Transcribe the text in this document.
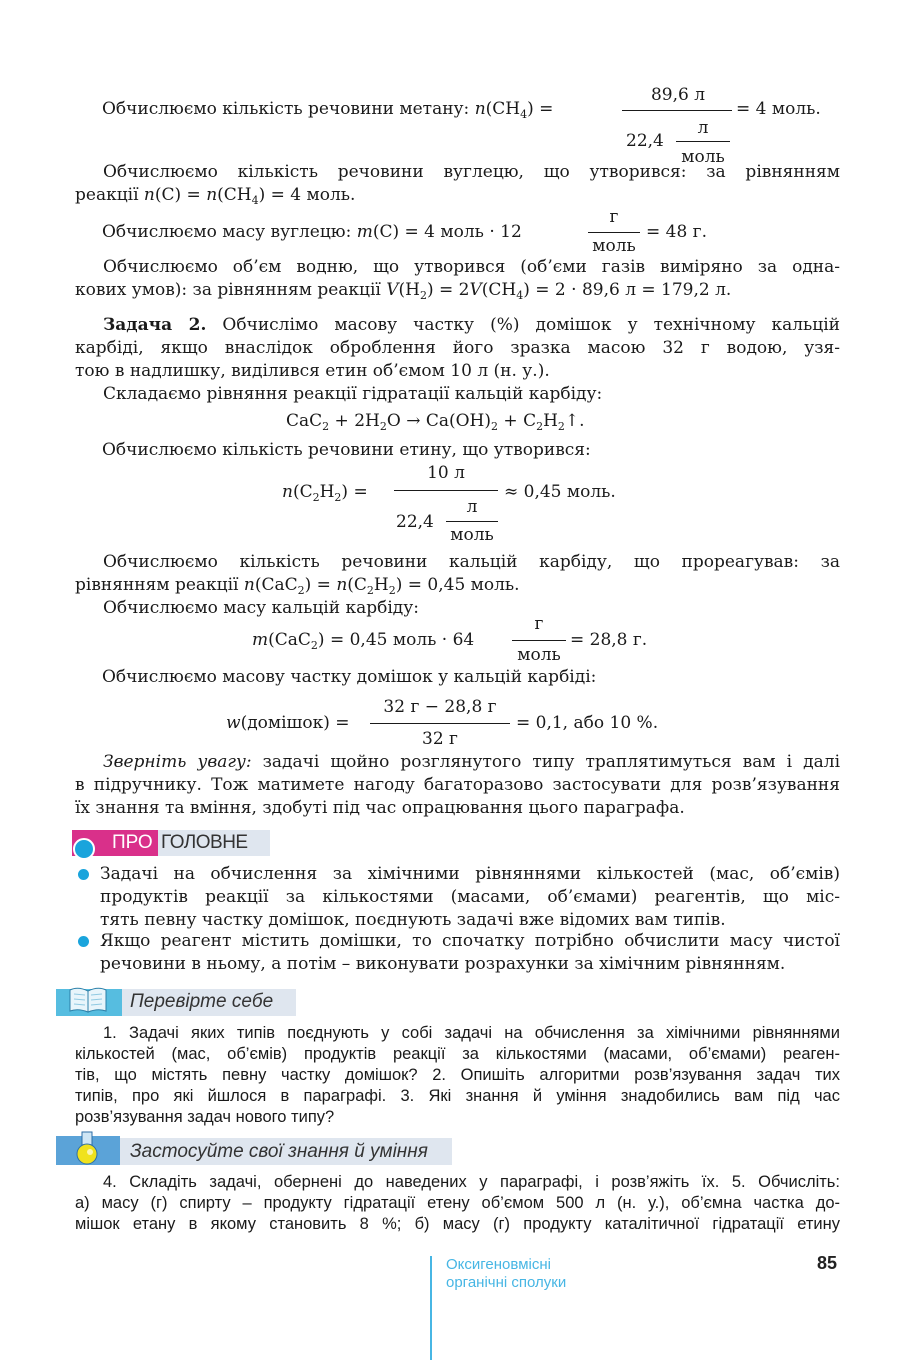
Обчислюємо кількість речовини метану: $n(CH_4)$ =
89,6 л
22,4
л
моль
= 4 моль.
Обчислюємо кількість речовини вуглецю, що утворився: за рівнянням
реакції $n(C) = n(CH_4) = 4$ моль.
Обчислюємо масу вуглецю: m(C) = 4 моль · 12
г
моль
= 48 г.
Обчислюємо об’єм водню, що утворився (об’єми газів виміряно за одна-
кових умов): за рівнянням реакції $V(H_2) = 2V(CH_4) = 2 \cdot 89,6$ л = 179,2 л.
Задача 2. Обчислімо масову частку (%) домішок у технічному кальцій
карбіді, якщо внаслідок оброблення його зразка масою 32 г водою, узя-
тою в надлишку, виділився етин об’ємом 10 л (н. у.).
Складаємо рівняння реакції гідратації кальцій карбіду:
$CaC_2 + 2H_2O \to Ca(OH)_2$ + $C_2H_2↑$.
Обчислюємо кількість речовини етину, що утворився:
$n(C_2H_2)$ =
10 л
22,4
л
моль
≈ 0,45 моль.
Обчислюємо кількість речовини кальцій карбіду, що прореагував: за
рівнянням реакції $n(CaC_2) = n(C_2H_2) = 0,45$ моль.
Обчислюємо масу кальцій карбіду:
m(CaC$_2$) = 0,45 моль · 64
г
моль
= 28,8 г.
Обчислюємо масову частку домішок у кальцій карбіді:
w(домішок) =
32 г − 28,8 г
32 г
= 0,1, або 10 %.
Зверніть увагу: задачі щойно розглянутого типу траплятимуться вам і далі
в підручнику. Тож матимете нагоду багаторазово застосувати для розв’язування
їх знання та вміння, здобуті під час опрацювання цього параграфа.
ПРО ГОЛОВНЕ
Задачі на обчислення за хімічними рівняннями кількостей (мас, об’ємів)
продуктів реакції за кількостями (масами, об’ємами) реагентів, що міс-
тять певну частку домішок, поєднують задачі вже відомих вам типів.
Якщо реагент містить домішки, то спочатку потрібно обчислити масу чистої
речовини в ньому, а потім – виконувати розрахунки за хімічним рівнянням.
Перевірте себе
1. Задачі яких типів поєднують у собі задачі на обчислення за хімічними рівняннями
кількостей (мас, об’ємів) продуктів реакції за кількостями (масами, об’ємами) реаген-
тів, що містять певну частку домішок? 2. Опишіть алгоритми розв’язування задач тих
типів, про які йшлося в параграфі. 3. Які знання й уміння знадобились вам під час
розв’язування задач нового типу?
Застосуйте свої знання й уміння
4. Складіть задачі, обернені до наведених у параграфі, і розв’яжіть їх. 5. Обчисліть:
а) масу (г) спирту – продукту гідратації етену об’ємом 500 л (н. у.), об’ємна частка до-
мішок етану в якому становить 8 %; б) масу (г) продукту каталітичної гідратації етину
Оксигеновмісні
органічні сполуки
85
